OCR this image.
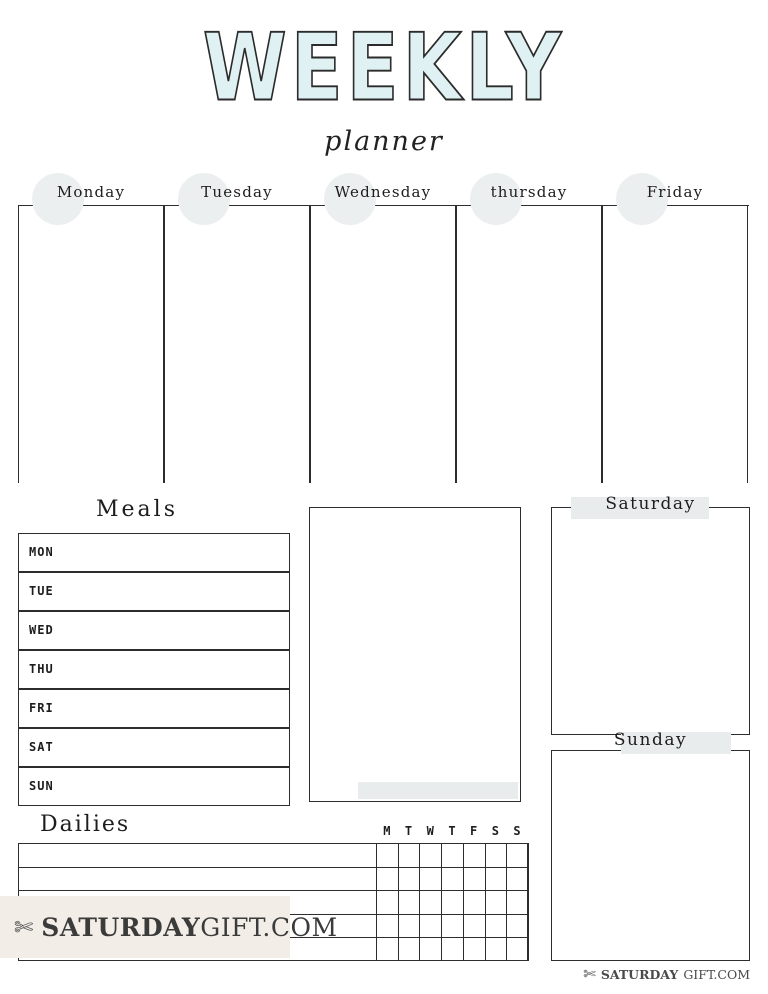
WEEKLY
planner
Monday	Tuesday	Wednesday	thursday	Friday
Meals
MON
TUE
WED
THU
FRI
SAT
SUN
Saturday
Sunday
Dailies	M	T	W	T	F	S	S
✄ SATURDAYGIFT.COM
✄ SATURDAY GIFT.COM
